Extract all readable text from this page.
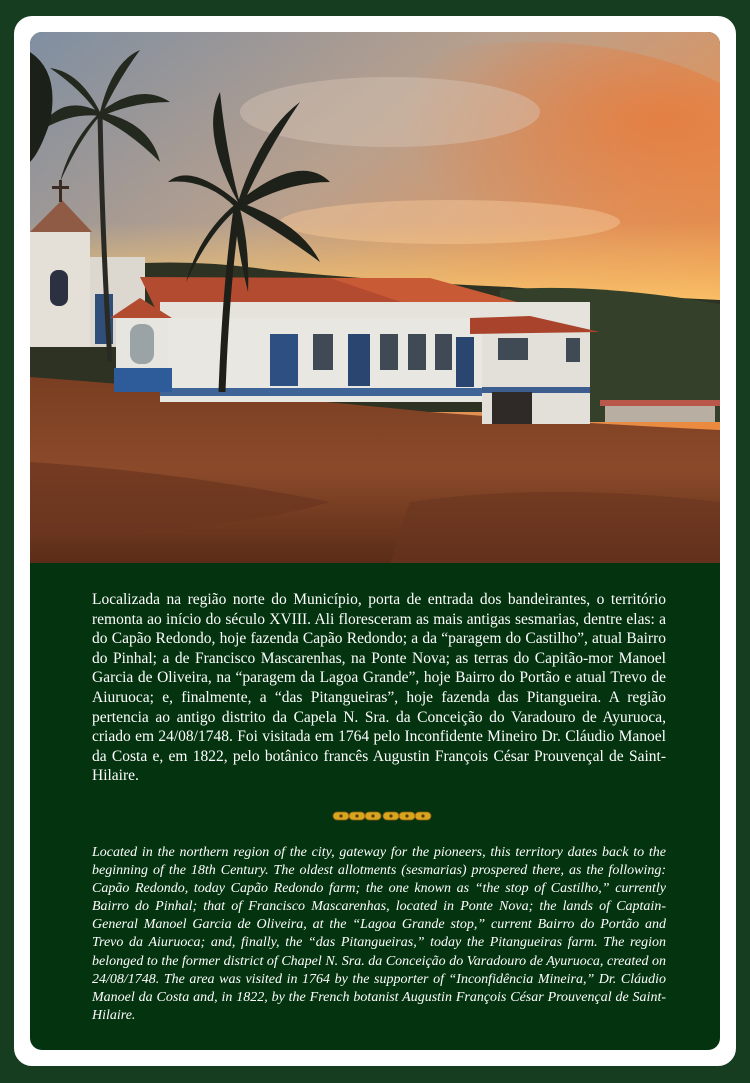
Localizada na região norte do Município, porta de entrada dos bandeirantes, o território remonta ao início do século XVIII. Ali floresceram as mais antigas sesmarias, dentre elas: a do Capão Redondo, hoje fazenda Capão Redondo; a da “paragem do Castilho”, atual Bairro do Pinhal; a de Francisco Mascarenhas, na Ponte Nova; as terras do Capitão-mor Manoel Garcia de Oliveira, na “paragem da Lagoa Grande”, hoje Bairro do Portão e atual Trevo de Aiuruoca; e, finalmente, a “das Pitangueiras”, hoje fazenda das Pitangueira. A região pertencia ao antigo distrito da Capela N. Sra. da Conceição do Varadouro de Ayuruoca, criado em 24/08/1748. Foi visitada em 1764 pelo Inconfidente Mineiro Dr. Cláudio Manoel da Costa e, em 1822, pelo botânico francês Augustin François César Prouvençal de Saint-Hilaire.

Located in the northern region of the city, gateway for the pioneers, this territory dates back to the beginning of the 18th Century. The oldest allotments (sesmarias) prospered there, as the following: Capão Redondo, today Capão Redondo farm; the one known as “the stop of Castilho,” currently Bairro do Pinhal; that of Francisco Mascarenhas, located in Ponte Nova; the lands of Captain-General Manoel Garcia de Oliveira, at the “Lagoa Grande stop,” current Bairro do Portão and Trevo da Aiuruoca; and, finally, the “das Pitangueiras,” today the Pitangueiras farm. The region belonged to the former district of Chapel N. Sra. da Conceição do Varadouro de Ayuruoca, created on 24/08/1748. The area was visited in 1764 by the supporter of “Inconfidência Mineira,” Dr. Cláudio Manoel da Costa and, in 1822, by the French botanist Augustin François César Prouvençal de Saint-Hilaire.
